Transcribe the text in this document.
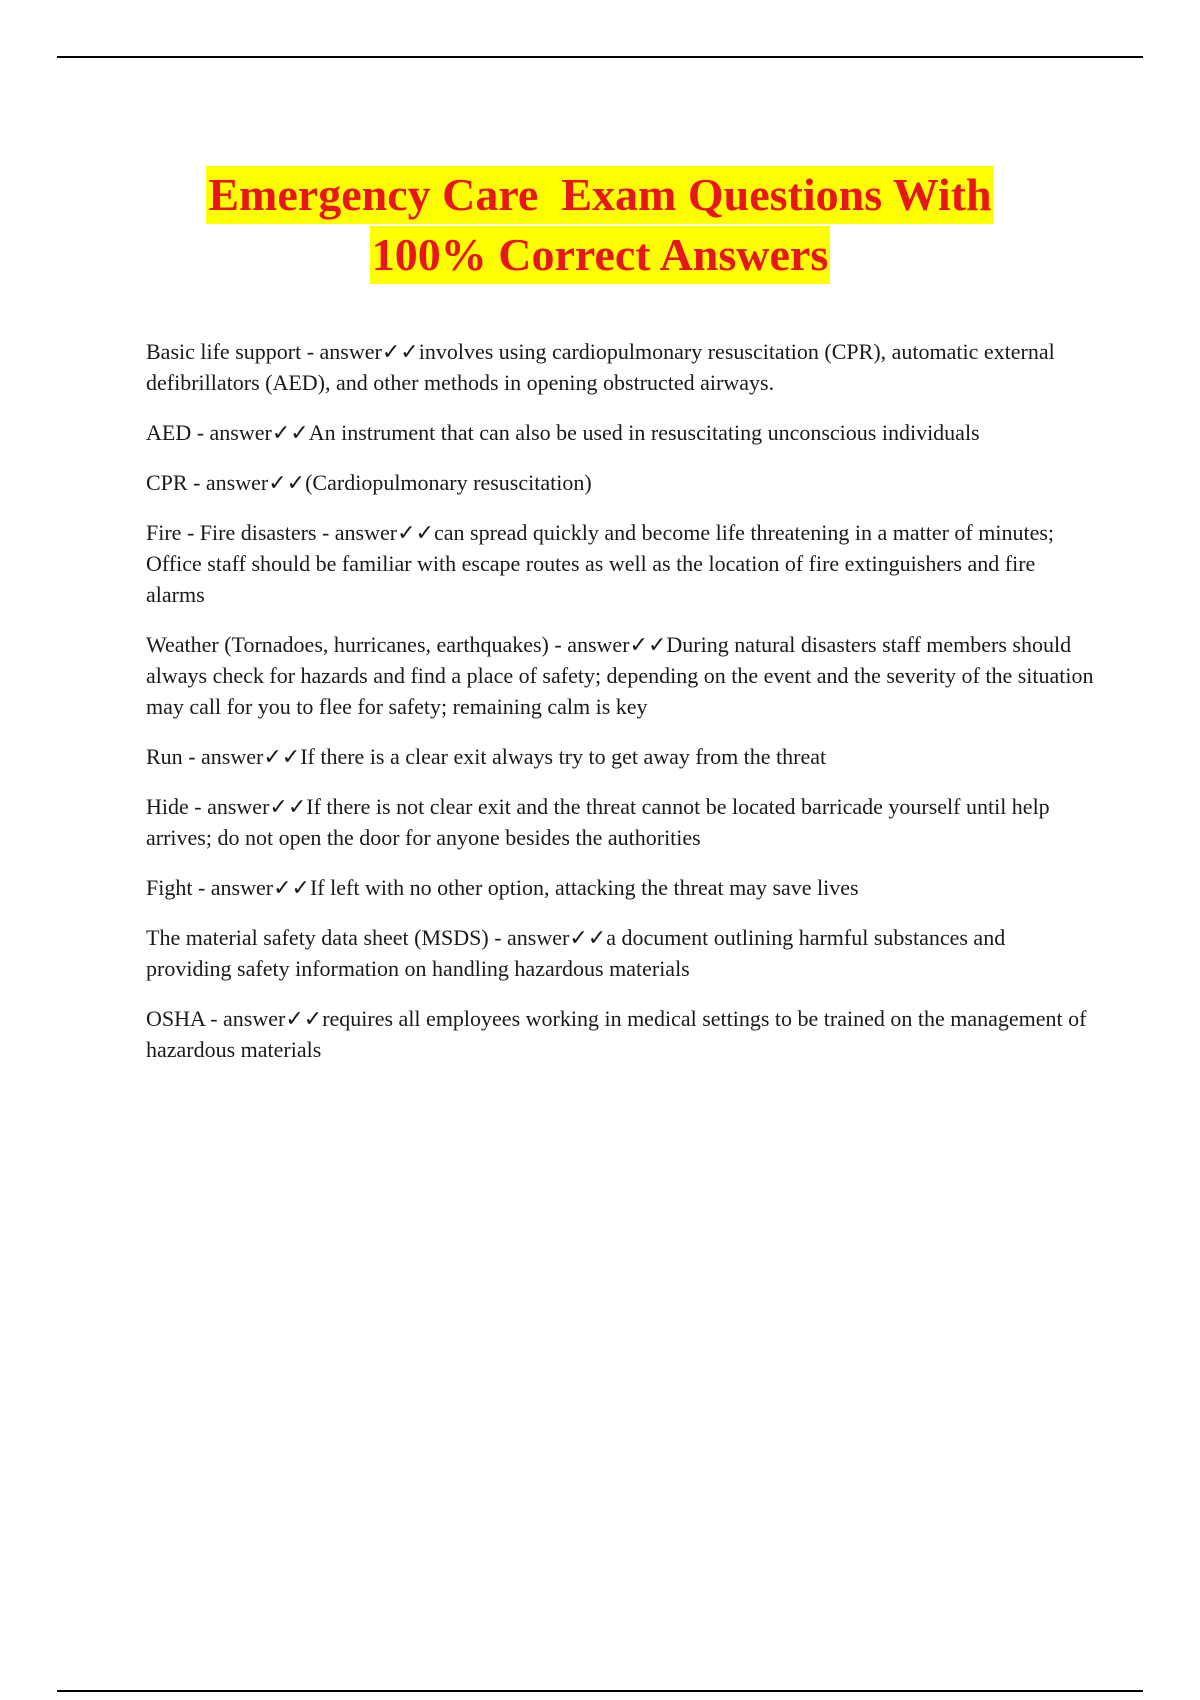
Emergency Care  Exam Questions With
100% Correct Answers

Basic life support - answer✓✓involves using cardiopulmonary resuscitation (CPR), automatic external defibrillators (AED), and other methods in opening obstructed airways.

AED - answer✓✓An instrument that can also be used in resuscitating unconscious individuals

CPR - answer✓✓(Cardiopulmonary resuscitation)

Fire - Fire disasters - answer✓✓can spread quickly and become life threatening in a matter of minutes; Office staff should be familiar with escape routes as well as the location of fire extinguishers and fire alarms

Weather (Tornadoes, hurricanes, earthquakes) - answer✓✓During natural disasters staff members should always check for hazards and find a place of safety; depending on the event and the severity of the situation may call for you to flee for safety; remaining calm is key

Run - answer✓✓If there is a clear exit always try to get away from the threat

Hide - answer✓✓If there is not clear exit and the threat cannot be located barricade yourself until help arrives; do not open the door for anyone besides the authorities

Fight - answer✓✓If left with no other option, attacking the threat may save lives

The material safety data sheet (MSDS) - answer✓✓a document outlining harmful substances and providing safety information on handling hazardous materials

OSHA - answer✓✓requires all employees working in medical settings to be trained on the management of hazardous materials
